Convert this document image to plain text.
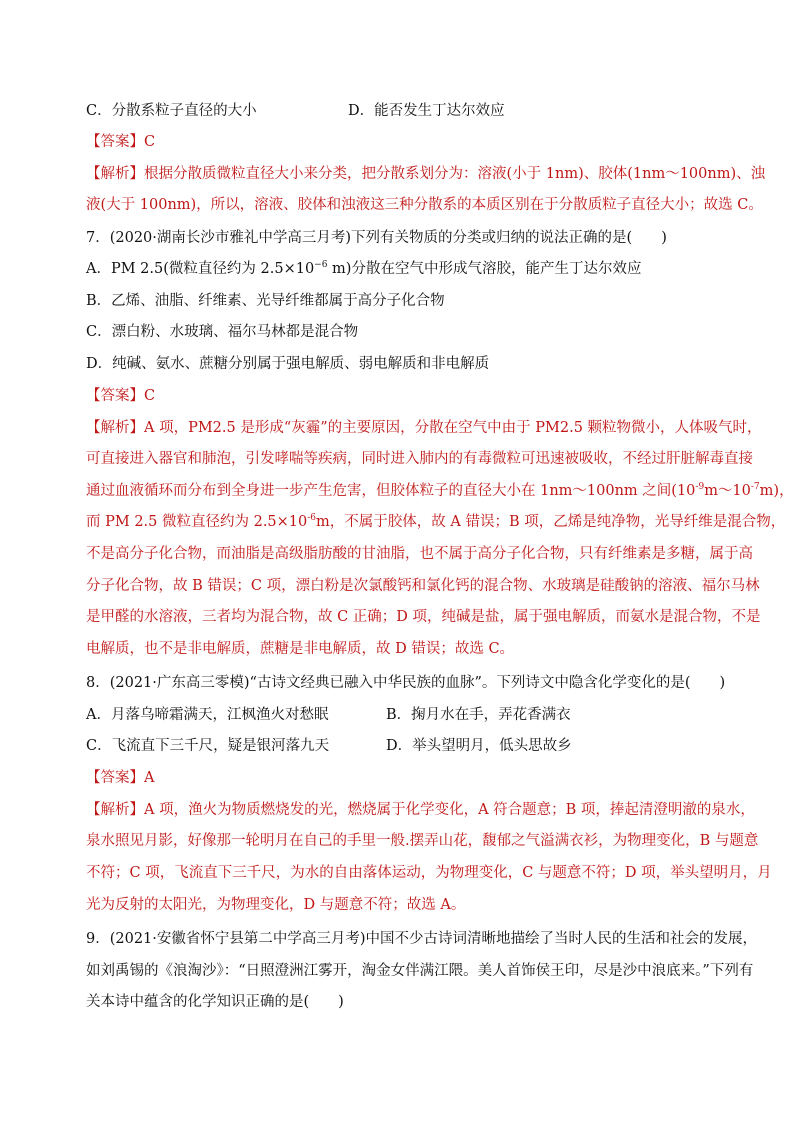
C．分散系粒子直径的大小	D．能否发生丁达尔效应
【答案】C
【解析】根据分散质微粒直径大小来分类，把分散系划分为：溶液(小于 1nm)、胶体(1nm～100nm)、浊
液(大于 100nm)，所以，溶液、胶体和浊液这三种分散系的本质区别在于分散质粒子直径大小；故选 C。
7．(2020·湖南长沙市雅礼中学高三月考)下列有关物质的分类或归纳的说法正确的是(　　)
A．PM 2.5(微粒直径约为 $2.5\times 10^{-6}$ m)分散在空气中形成气溶胶，能产生丁达尔效应
B．乙烯、油脂、纤维素、光导纤维都属于高分子化合物
C．漂白粉、水玻璃、福尔马林都是混合物
D．纯碱、氨水、蔗糖分别属于强电解质、弱电解质和非电解质
【答案】C
【解析】A 项，PM2.5 是形成“灰霾”的主要原因，分散在空气中由于 PM2.5 颗粒物微小，人体吸气时，
可直接进入器官和肺泡，引发哮喘等疾病，同时进入肺内的有毒微粒可迅速被吸收，不经过肝脏解毒直接
通过血液循环而分布到全身进一步产生危害，但胶体粒子的直径大小在 1nm～100nm 之间$(10^{-9}m\sim 10^{-7}m)$，
而 PM 2.5 微粒直径约为 $2.5\times 10^{-6}m$，不属于胶体，故 A 错误；B 项，乙烯是纯净物，光导纤维是混合物，
不是高分子化合物，而油脂是高级脂肪酸的甘油脂，也不属于高分子化合物，只有纤维素是多糖，属于高
分子化合物，故 B 错误；C 项，漂白粉是次氯酸钙和氯化钙的混合物、水玻璃是硅酸钠的溶液、福尔马林
是甲醛的水溶液，三者均为混合物，故 C 正确；D 项，纯碱是盐，属于强电解质，而氨水是混合物，不是
电解质，也不是非电解质，蔗糖是非电解质，故 D 错误；故选 C。
8．(2021·广东高三零模)“古诗文经典已融入中华民族的血脉”。下列诗文中隐含化学变化的是(　　)
A．月落乌啼霜满天，江枫渔火对愁眠	B．掬月水在手，弄花香满衣
C．飞流直下三千尺，疑是银河落九天	D．举头望明月，低头思故乡
【答案】A
【解析】A 项，渔火为物质燃烧发的光，燃烧属于化学变化，A 符合题意；B 项，捧起清澄明澈的泉水，
泉水照见月影，好像那一轮明月在自己的手里一般.摆弄山花，馥郁之气溢满衣衫，为物理变化，B 与题意
不符；C 项，飞流直下三千尺，为水的自由落体运动，为物理变化，C 与题意不符；D 项，举头望明月，月
光为反射的太阳光，为物理变化，D 与题意不符；故选 A。
9．(2021·安徽省怀宁县第二中学高三月考)中国不少古诗词清晰地描绘了当时人民的生活和社会的发展，
如刘禹锡的《浪淘沙》：“日照澄洲江雾开，淘金女伴满江隈。美人首饰侯王印，尽是沙中浪底来。”下列有
关本诗中蕴含的化学知识正确的是(　　)
